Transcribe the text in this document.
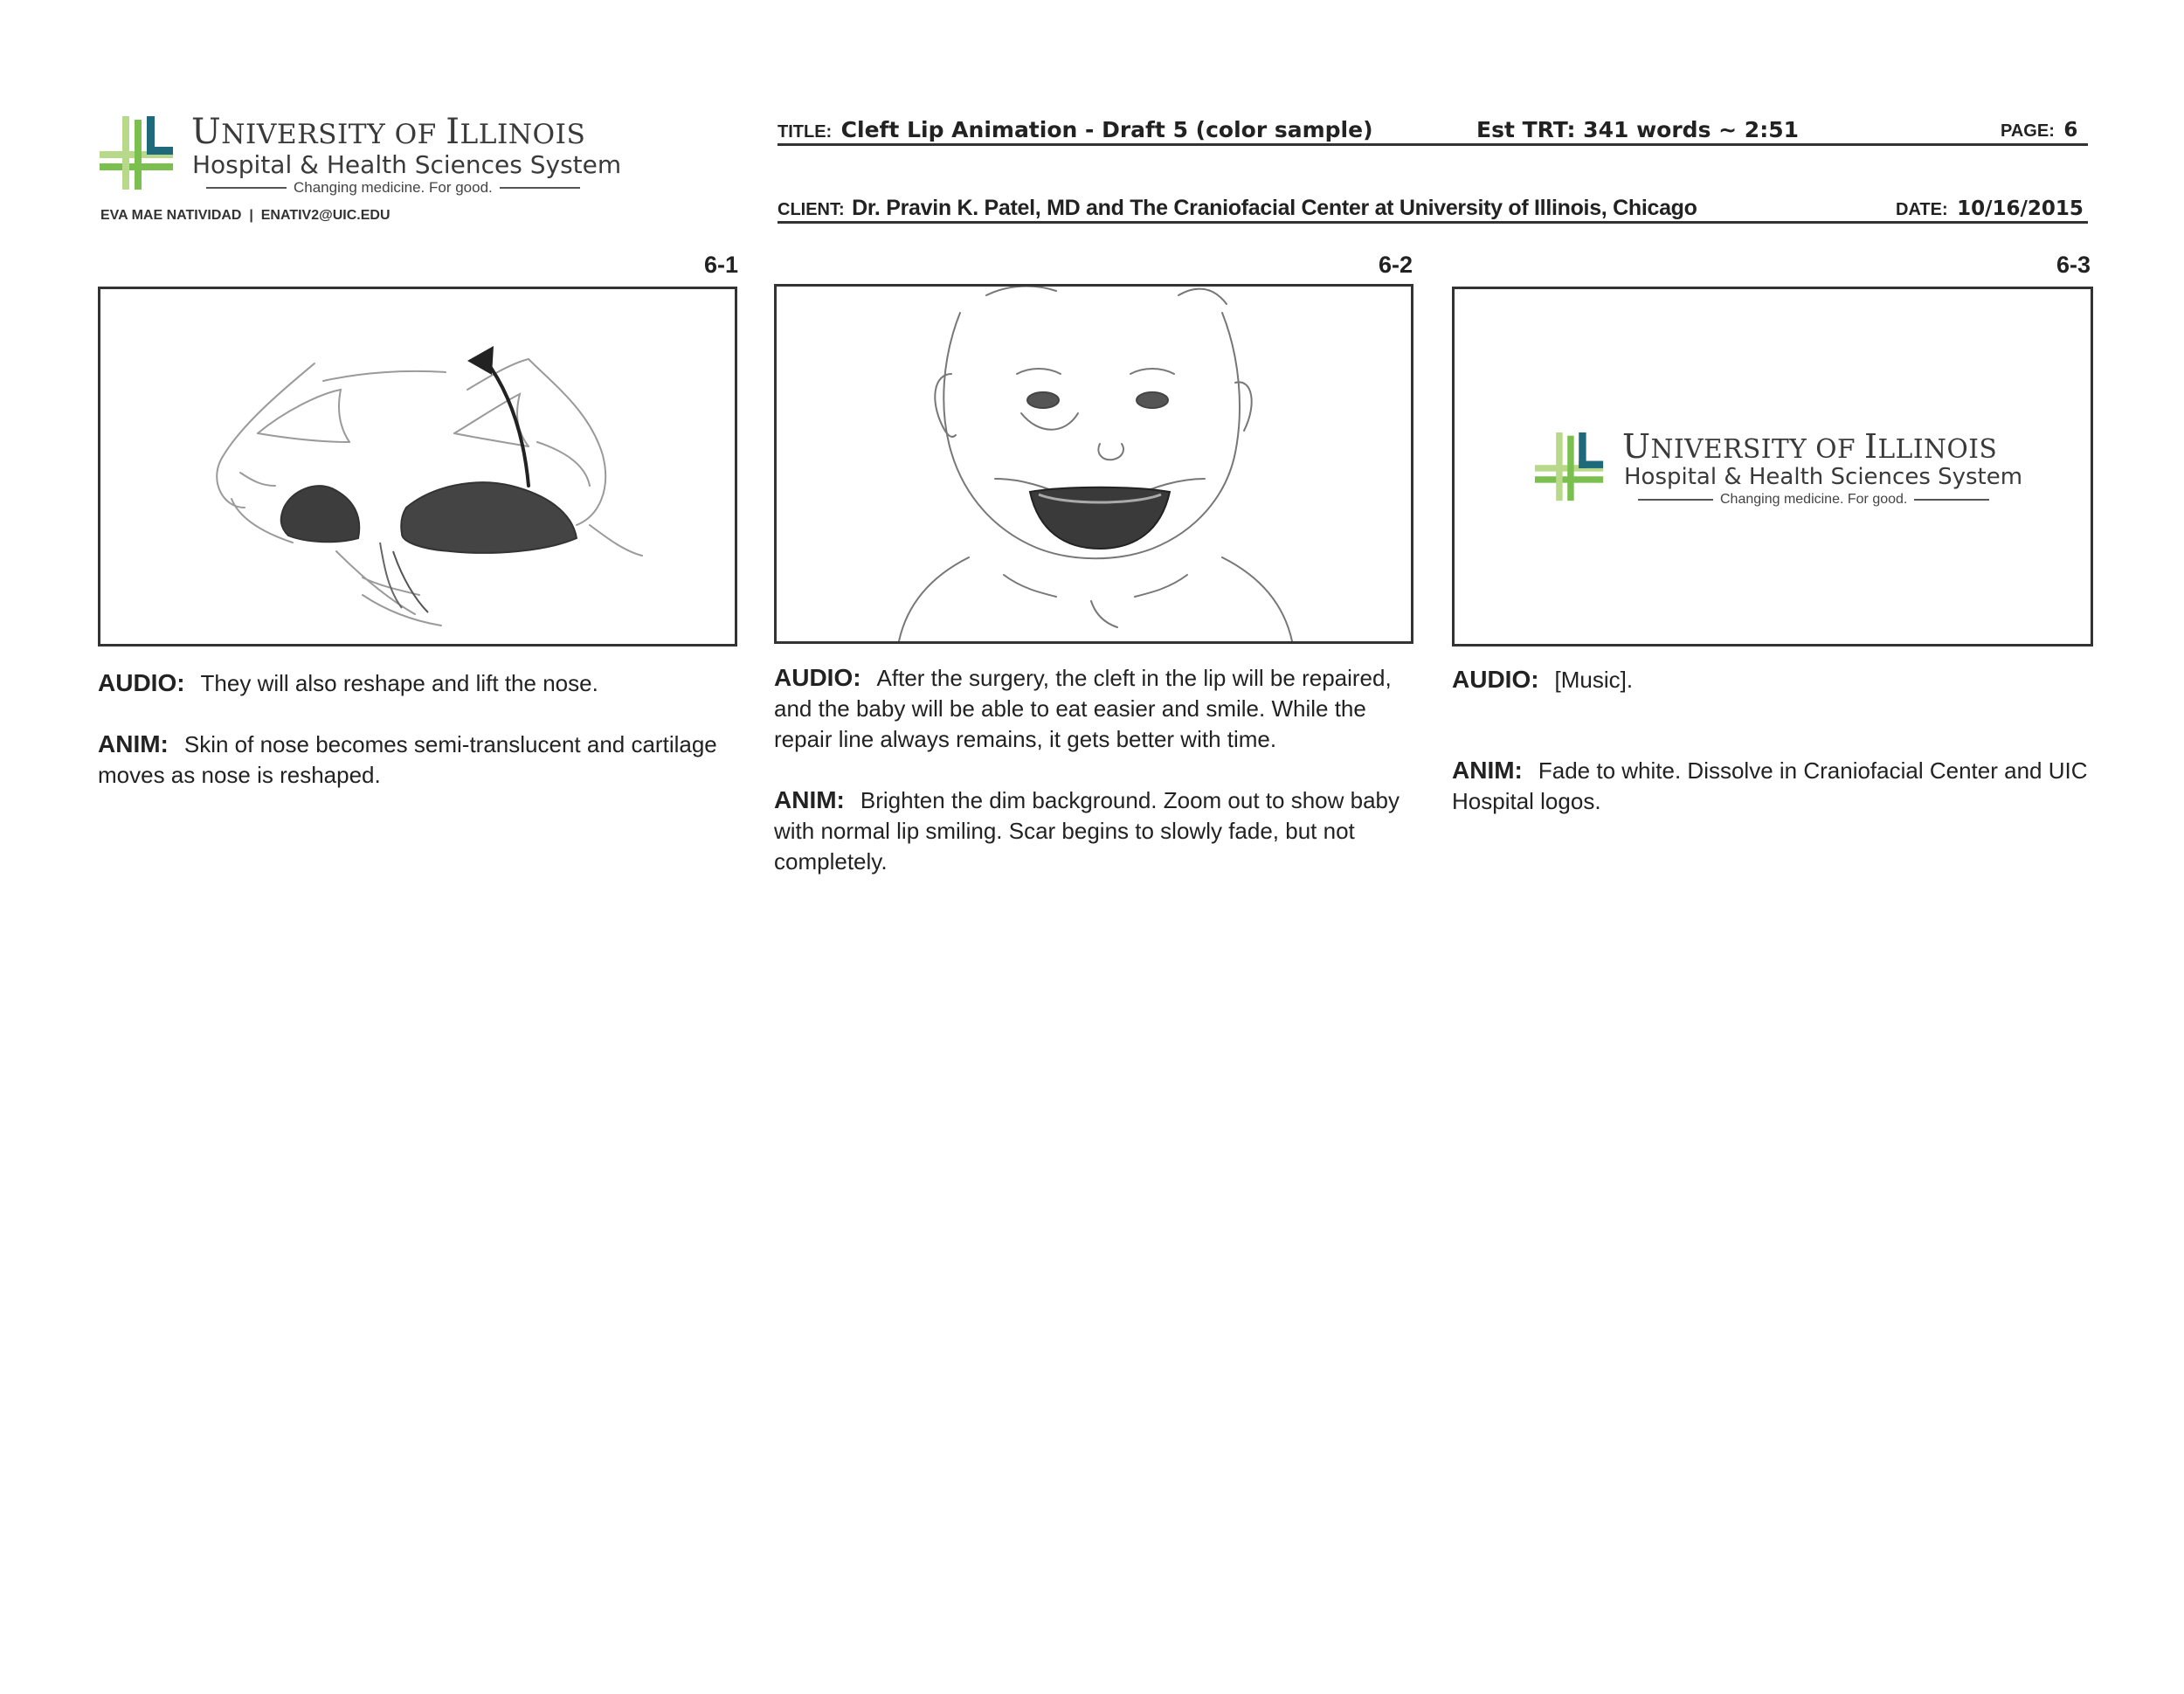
UNIVERSITY OF ILLINOIS
Hospital & Health Sciences System
Changing medicine. For good.
EVA MAE NATIVIDAD  |  ENATIV2@UIC.EDU
TITLE: Cleft Lip Animation - Draft 5 (color sample)	Est TRT: 341 words ~ 2:51	PAGE: 6
CLIENT: Dr. Pravin K. Patel, MD and The Craniofacial Center at University of Illinois, Chicago	DATE: 10/16/2015
6-1
AUDIO: They will also reshape and lift the nose.
ANIM: Skin of nose becomes semi-translucent and cartilage moves as nose is reshaped.
6-2
AUDIO: After the surgery, the cleft in the lip will be repaired, and the baby will be able to eat easier and smile. While the repair line always remains, it gets better with time.
ANIM: Brighten the dim background. Zoom out to show baby with normal lip smiling. Scar begins to slowly fade, but not completely.
6-3
UNIVERSITY OF ILLINOIS
Hospital & Health Sciences System
Changing medicine. For good.
AUDIO: [Music].
ANIM: Fade to white. Dissolve in Craniofacial Center and UIC Hospital logos.
